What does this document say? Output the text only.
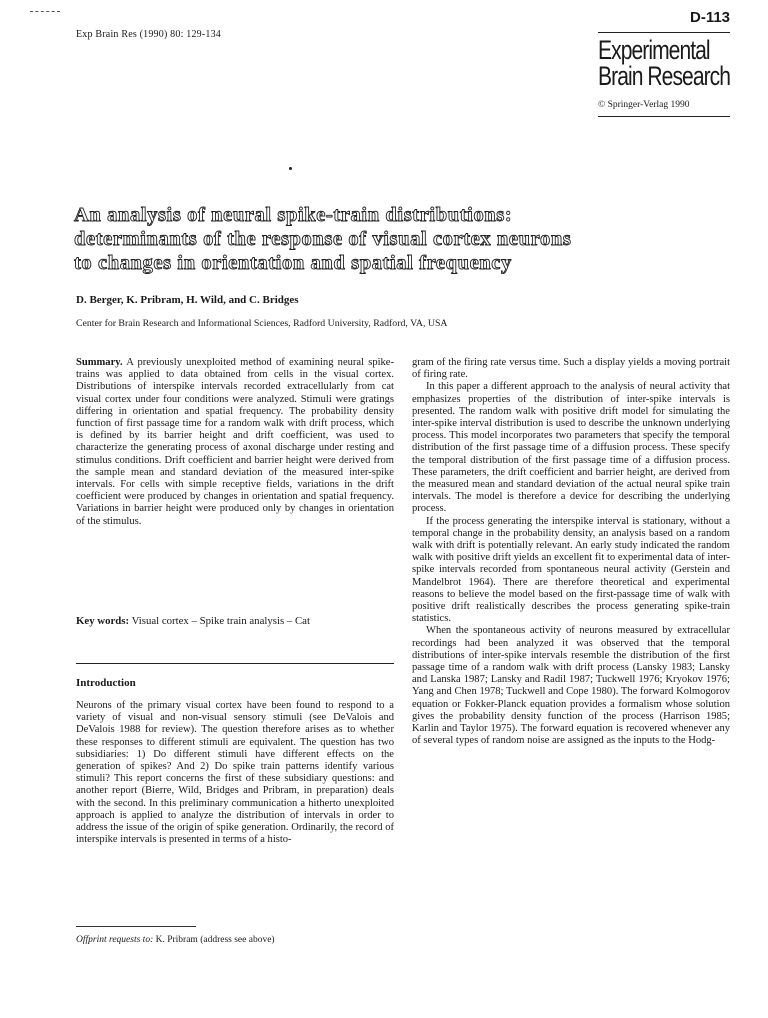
Exp Brain Res (1990) 80: 129-134
D-113
Experimental
Brain Research
© Springer-Verlag 1990
An analysis of neural spike-train distributions:
determinants of the response of visual cortex neurons
to changes in orientation and spatial frequency
D. Berger, K. Pribram, H. Wild, and C. Bridges
Center for Brain Research and Informational Sciences, Radford University, Radford, VA, USA

Summary. A previously unexploited method of examining neural spike-trains was applied to data obtained from cells in the visual cortex. Distributions of interspike intervals recorded extracellularly from cat visual cortex under four conditions were analyzed. Stimuli were gratings differing in orientation and spatial frequency. The probability density function of first passage time for a random walk with drift process, which is defined by its barrier height and drift coefficient, was used to characterize the generating process of axonal discharge under resting and stimulus conditions. Drift coefficient and barrier height were derived from the sample mean and standard deviation of the measured inter-spike intervals. For cells with simple receptive fields, variations in the drift coefficient were produced by changes in orientation and spatial frequency. Variations in barrier height were produced only by changes in orientation of the stimulus.

Key words: Visual cortex – Spike train analysis – Cat
Introduction

Neurons of the primary visual cortex have been found to respond to a variety of visual and non-visual sensory stimuli (see DeValois and DeValois 1988 for review). The question therefore arises as to whether these responses to different stimuli are equivalent. The question has two subsidiaries: 1) Do different stimuli have different effects on the generation of spikes? And 2) Do spike train patterns identify various stimuli? This report concerns the first of these subsidiary questions: and another report (Bierre, Wild, Bridges and Pribram, in preparation) deals with the second. In this preliminary communication a hitherto unexploited approach is applied to analyze the distribution of intervals in order to address the issue of the origin of spike generation. Ordinarily, the record of interspike intervals is presented in terms of a histo-

Offprint requests to: K. Pribram (address see above)

gram of the firing rate versus time. Such a display yields a moving portrait of firing rate.

In this paper a different approach to the analysis of neural activity that emphasizes properties of the distribution of inter-spike intervals is presented. The random walk with positive drift model for simulating the inter-spike interval distribution is used to describe the unknown underlying process. This model incorporates two parameters that specify the temporal distribution of the first passage time of a diffusion process. These specify the temporal distribution of the first passage time of a diffusion process. These parameters, the drift coefficient and barrier height, are derived from the measured mean and standard deviation of the actual neural spike train intervals. The model is therefore a device for describing the underlying process.

If the process generating the interspike interval is stationary, without a temporal change in the probability density, an analysis based on a random walk with drift is potentially relevant. An early study indicated the random walk with positive drift yields an excellent fit to experimental data of inter-spike intervals recorded from spontaneous neural activity (Gerstein and Mandelbrot 1964). There are therefore theoretical and experimental reasons to believe the model based on the first-passage time of walk with positive drift realistically describes the process generating spike-train statistics.

When the spontaneous activity of neurons measured by extracellular recordings had been analyzed it was observed that the temporal distributions of inter-spike intervals resemble the distribution of the first passage time of a random walk with drift process (Lansky 1983; Lansky and Lanska 1987; Lansky and Radil 1987; Tuckwell 1976; Kryokov 1976; Yang and Chen 1978; Tuckwell and Cope 1980). The forward Kolmogorov equation or Fokker-Planck equation provides a formalism whose solution gives the probability density function of the process (Harrison 1985; Karlin and Taylor 1975). The forward equation is recovered whenever any of several types of random noise are assigned as the inputs to the Hodg-
